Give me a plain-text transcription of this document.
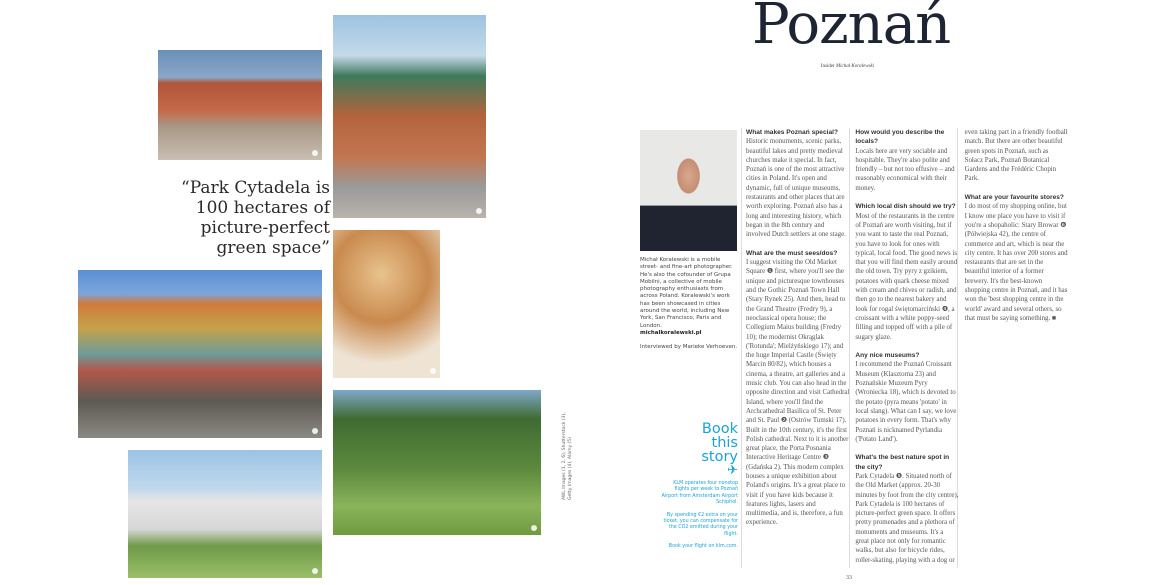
“Park Cytadela is 100 hectares of picture-perfect green space”
AWL Images (1, 2, 6), Shutterstock (3), Getty Images (4), Alamy (5)
Poznań
Insider Michał Koralewski
Michał Koralewski is a mobile street- and fine-art photographer. He's also the cofounder of Grupa Mobilni, a collective of mobile photography enthusiasts from across Poland. Koralewski's work has been showcased in cities around the world, including New York, San Francisco, Paris and London.
michalkoralewski.pl
Interviewed by Marieke Verhoeven.
Book
this
story
✈
KLM operates four nonstop flights per week to Poznań Airport from Amsterdam Airport Schiphol.
By spending €2 extra on your ticket, you can compensate for the CO2 emitted during your flight.
Book your flight on klm.com.
What makes Poznań special?

Historic monuments, scenic parks, beautiful lakes and pretty medieval churches make it special. In fact, Poznań is one of the most attractive cities in Poland. It's open and dynamic, full of unique museums, restaurants and other places that are worth exploring. Poznań also has a long and interesting history, which began in the 8th century and involved Dutch settlers at one stage.

What are the must sees/dos?

I suggest visiting the Old Market Square ❶ first, where you'll see the unique and picturesque townhouses and the Gothic Poznań Town Hall (Stary Rynek 25). And then, head to the Grand Theatre (Fredry 9), a neoclassical opera house; the Collegium Maius building (Fredry 10); the modernist Okrąglak ('Rotunda'; Mielżyńskiego 17); and the huge Imperial Castle (Święty Marcin 80/82), which houses a cinema, a theatre, art galleries and a music club. You can also head in the opposite direction and visit Cathedral Island, where you'll find the Archcathedral Basilica of St. Peter and St. Paul ❷ (Ostrów Tumski 17). Built in the 10th century, it's the first Polish cathedral. Next to it is another great place, the Porta Posnania Interactive Heritage Centre ❸ (Gdańska 2). This modern complex houses a unique exhibition about Poland's origins. It's a great place to visit if you have kids because it features lights, lasers and multimedia, and is, therefore, a fun experience.

How would you describe the locals?

Locals here are very sociable and hospitable. They're also polite and friendly – but not too effusive – and reasonably economical with their money.

Which local dish should we try?

Most of the restaurants in the centre of Poznań are worth visiting, but if you want to taste the real Poznań, you have to look for ones with typical, local food. The good news is that you will find them easily around the old town. Try pyry z gzikiem, potatoes with quark cheese mixed with cream and chives or radish, and then go to the nearest bakery and look for rogal świętomarciński ❹, a croissant with a white poppy-seed filling and topped off with a pile of sugary glaze.

Any nice museums?

I recommend the Poznań Croissant Museum (Klasztorna 23) and Poznańskie Muzeum Pyry (Wroniecka 18), which is devoted to the potato (pyra means 'potato' in local slang). What can I say, we love potatoes in every form. That's why Poznań is nicknamed Pyrlandia ('Potato Land').

What's the best nature spot in the city?

Park Cytadela ❺. Situated north of the Old Market (approx. 20-30 minutes by foot from the city centre), Park Cytadela is 100 hectares of picture-perfect green space. It offers pretty promenades and a plethora of monuments and museums. It's a great place not only for romantic walks, but also for bicycle rides, roller-skating, playing with a dog or even taking part in a friendly football match. But there are other beautiful green spots in Poznań, such as Sołacz Park, Poznań Botanical Gardens and the Frédéric Chopin Park.

What are your favourite stores?

I do most of my shopping online, but I know one place you have to visit if you're a shopaholic: Stary Browar ❻ (Półwiejska 42), the centre of commerce and art, which is near the city centre. It has over 200 stores and restaurants that are set in the beautiful interior of a former brewery. It's the best-known shopping centre in Poznań, and it has won the 'best shopping centre in the world' award and several others, so that must be saying something. ■

33
